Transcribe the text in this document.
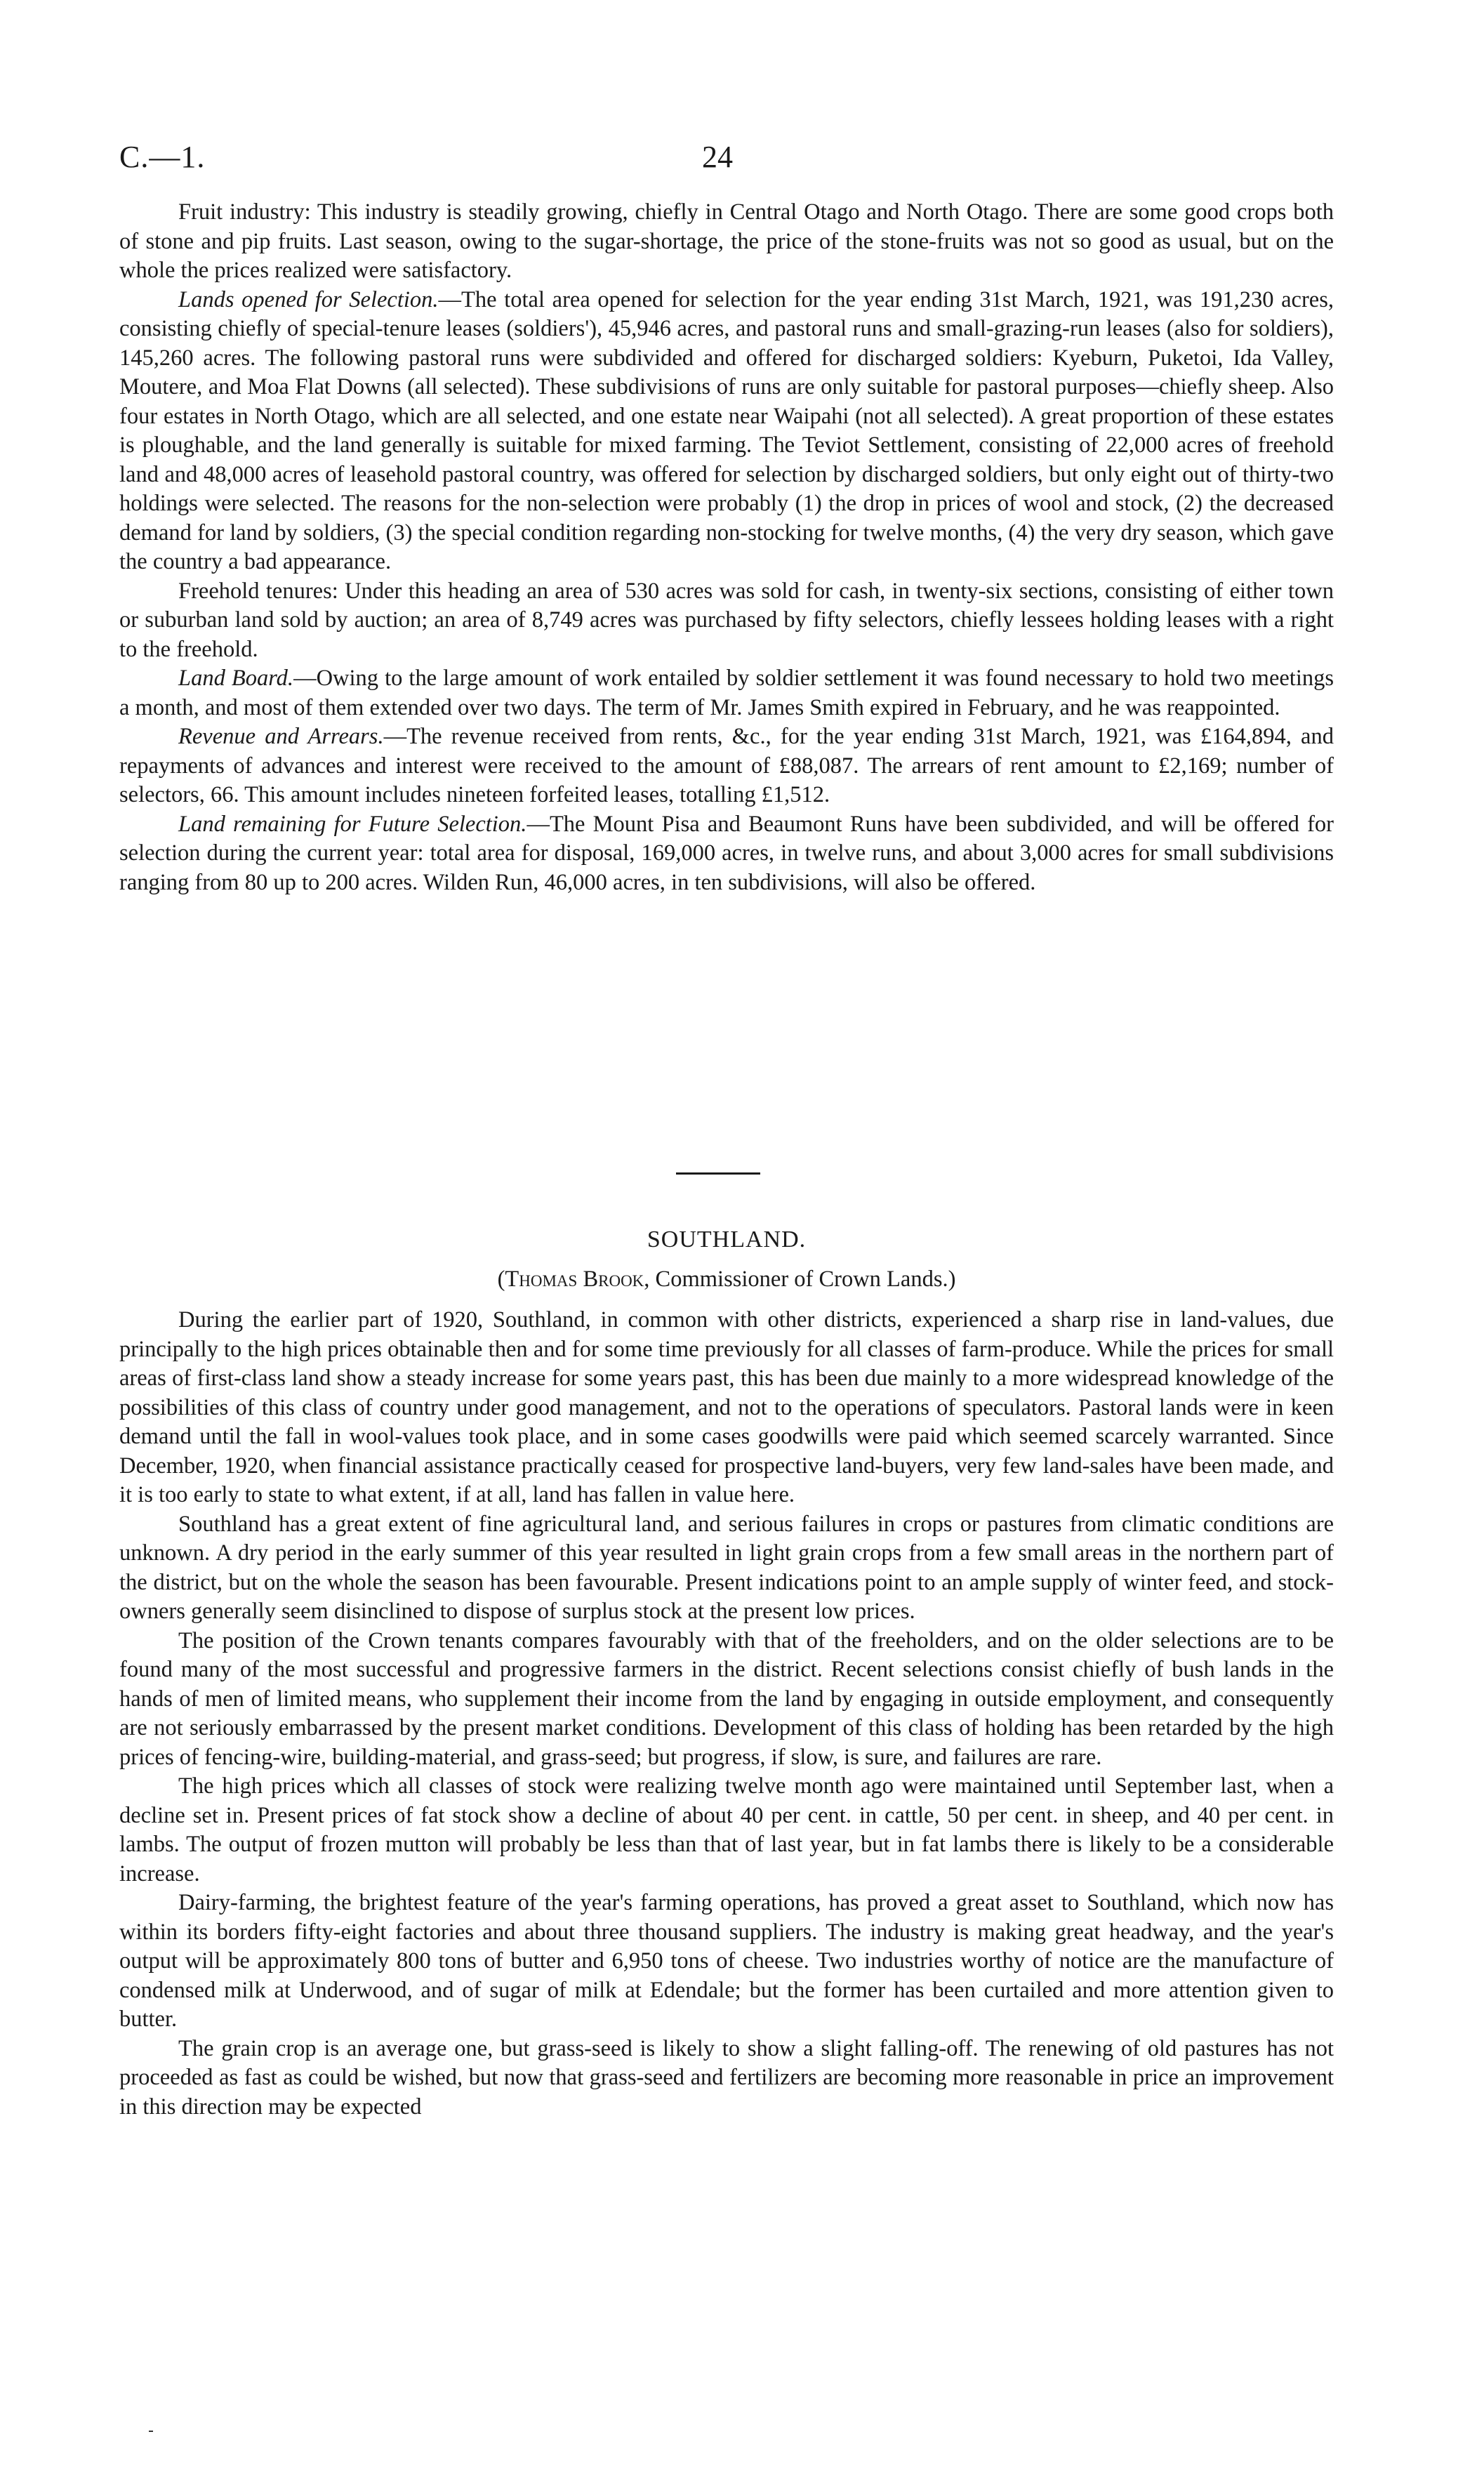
C.—1.	24

Fruit industry: This industry is steadily growing, chiefly in Central Otago and North Otago. There are some good crops both of stone and pip fruits. Last season, owing to the sugar-shortage, the price of the stone-fruits was not so good as usual, but on the whole the prices realized were satisfactory.

Lands opened for Selection.—The total area opened for selection for the year ending 31st March, 1921, was 191,230 acres, consisting chiefly of special-tenure leases (soldiers'), 45,946 acres, and pastoral runs and small-grazing-run leases (also for soldiers), 145,260 acres. The following pastoral runs were subdivided and offered for discharged soldiers: Kyeburn, Puketoi, Ida Valley, Moutere, and Moa Flat Downs (all selected). These subdivisions of runs are only suitable for pastoral purposes—chiefly sheep. Also four estates in North Otago, which are all selected, and one estate near Waipahi (not all selected). A great proportion of these estates is ploughable, and the land generally is suitable for mixed farming. The Teviot Settlement, consisting of 22,000 acres of freehold land and 48,000 acres of leasehold pastoral country, was offered for selection by discharged soldiers, but only eight out of thirty-two holdings were selected. The reasons for the non-selection were probably (1) the drop in prices of wool and stock, (2) the decreased demand for land by soldiers, (3) the special condition regarding non-stocking for twelve months, (4) the very dry season, which gave the country a bad appearance.

Freehold tenures: Under this heading an area of 530 acres was sold for cash, in twenty-six sections, consisting of either town or suburban land sold by auction; an area of 8,749 acres was purchased by fifty selectors, chiefly lessees holding leases with a right to the freehold.

Land Board.—Owing to the large amount of work entailed by soldier settlement it was found necessary to hold two meetings a month, and most of them extended over two days. The term of Mr. James Smith expired in February, and he was reappointed.

Revenue and Arrears.—The revenue received from rents, &c., for the year ending 31st March, 1921, was £164,894, and repayments of advances and interest were received to the amount of £88,087. The arrears of rent amount to £2,169; number of selectors, 66. This amount includes nineteen forfeited leases, totalling £1,512.

Land remaining for Future Selection.—The Mount Pisa and Beaumont Runs have been subdivided, and will be offered for selection during the current year: total area for disposal, 169,000 acres, in twelve runs, and about 3,000 acres for small subdivisions ranging from 80 up to 200 acres. Wilden Run, 46,000 acres, in ten subdivisions, will also be offered.

SOUTHLAND.
(Thomas Brook, Commissioner of Crown Lands.)

During the earlier part of 1920, Southland, in common with other districts, experienced a sharp rise in land-values, due principally to the high prices obtainable then and for some time previously for all classes of farm-produce. While the prices for small areas of first-class land show a steady increase for some years past, this has been due mainly to a more widespread knowledge of the possibilities of this class of country under good management, and not to the operations of speculators. Pastoral lands were in keen demand until the fall in wool-values took place, and in some cases goodwills were paid which seemed scarcely warranted. Since December, 1920, when financial assistance practically ceased for prospective land-buyers, very few land-sales have been made, and it is too early to state to what extent, if at all, land has fallen in value here.

Southland has a great extent of fine agricultural land, and serious failures in crops or pastures from climatic conditions are unknown. A dry period in the early summer of this year resulted in light grain crops from a few small areas in the northern part of the district, but on the whole the season has been favourable. Present indications point to an ample supply of winter feed, and stock-owners generally seem disinclined to dispose of surplus stock at the present low prices.

The position of the Crown tenants compares favourably with that of the freeholders, and on the older selections are to be found many of the most successful and progressive farmers in the district. Recent selections consist chiefly of bush lands in the hands of men of limited means, who supplement their income from the land by engaging in outside employment, and consequently are not seriously embarrassed by the present market conditions. Development of this class of holding has been retarded by the high prices of fencing-wire, building-material, and grass-seed; but progress, if slow, is sure, and failures are rare.

The high prices which all classes of stock were realizing twelve month ago were maintained until September last, when a decline set in. Present prices of fat stock show a decline of about 40 per cent. in cattle, 50 per cent. in sheep, and 40 per cent. in lambs. The output of frozen mutton will probably be less than that of last year, but in fat lambs there is likely to be a considerable increase.

Dairy-farming, the brightest feature of the year's farming operations, has proved a great asset to Southland, which now has within its borders fifty-eight factories and about three thousand suppliers. The industry is making great headway, and the year's output will be approximately 800 tons of butter and 6,950 tons of cheese. Two industries worthy of notice are the manufacture of condensed milk at Underwood, and of sugar of milk at Edendale; but the former has been curtailed and more attention given to butter.

The grain crop is an average one, but grass-seed is likely to show a slight falling-off. The renewing of old pastures has not proceeded as fast as could be wished, but now that grass-seed and fertilizers are becoming more reasonable in price an improvement in this direction may be expected
